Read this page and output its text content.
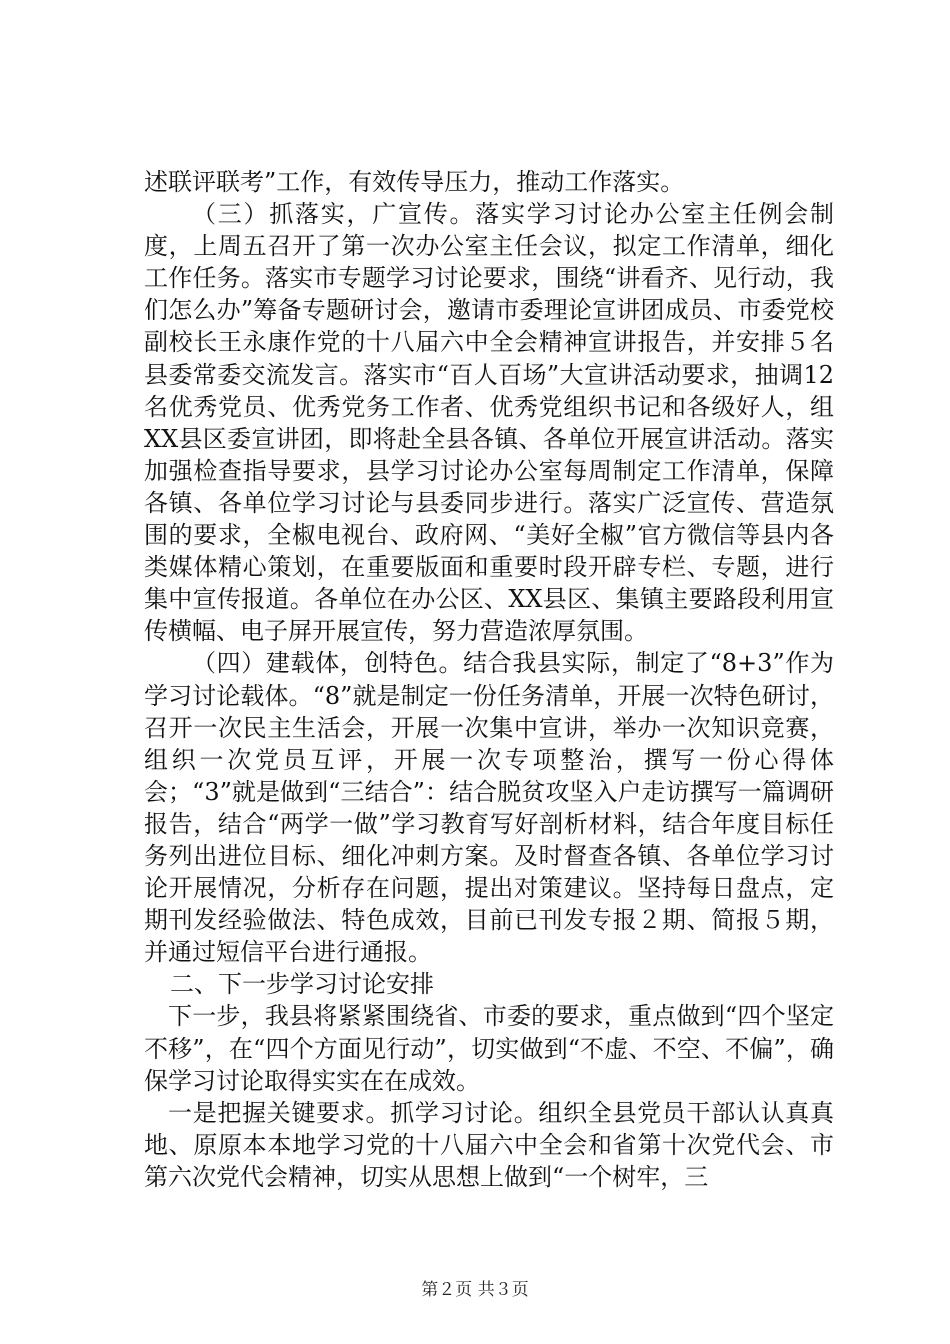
述联评联考”工作，有效传导压力，推动工作落实。

（三）抓落实，广宣传。落实学习讨论办公室主任例会制度，上周五召开了第一次办公室主任会议，拟定工作清单，细化工作任务。落实市专题学习讨论要求，围绕“讲看齐、见行动，我们怎么办”筹备专题研讨会，邀请市委理论宣讲团成员、市委党校副校长王永康作党的十八届六中全会精神宣讲报告，并安排５名县委常委交流发言。落实市“百人百场”大宣讲活动要求，抽调12名优秀党员、优秀党务工作者、优秀党组织书记和各级好人，组XX县区委宣讲团，即将赴全县各镇、各单位开展宣讲活动。落实加强检查指导要求，县学习讨论办公室每周制定工作清单，保障各镇、各单位学习讨论与县委同步进行。落实广泛宣传、营造氛围的要求，全椒电视台、政府网、“美好全椒”官方微信等县内各类媒体精心策划，在重要版面和重要时段开辟专栏、专题，进行集中宣传报道。各单位在办公区、XX县区、集镇主要路段利用宣传横幅、电子屏开展宣传，努力营造浓厚氛围。

（四）建载体，创特色。结合我县实际，制定了“8+3”作为学习讨论载体。“8”就是制定一份任务清单，开展一次特色研讨，召开一次民主生活会，开展一次集中宣讲，举办一次知识竞赛，组织一次党员互评，开展一次专项整治，撰写一份心得体会；“3”就是做到“三结合”：结合脱贫攻坚入户走访撰写一篇调研报告，结合“两学一做”学习教育写好剖析材料，结合年度目标任务列出进位目标、细化冲刺方案。及时督查各镇、各单位学习讨论开展情况，分析存在问题，提出对策建议。坚持每日盘点，定期刊发经验做法、特色成效，目前已刊发专报２期、简报５期，并通过短信平台进行通报。

二、下一步学习讨论安排

下一步，我县将紧紧围绕省、市委的要求，重点做到“四个坚定不移”，在“四个方面见行动”，切实做到“不虚、不空、不偏”，确保学习讨论取得实实在在成效。

一是把握关键要求。抓学习讨论。组织全县党员干部认认真真地、原原本本地学习党的十八届六中全会和省第十次党代会、市第六次党代会精神，切实从思想上做到“一个树牢，三

第２页 共３页
